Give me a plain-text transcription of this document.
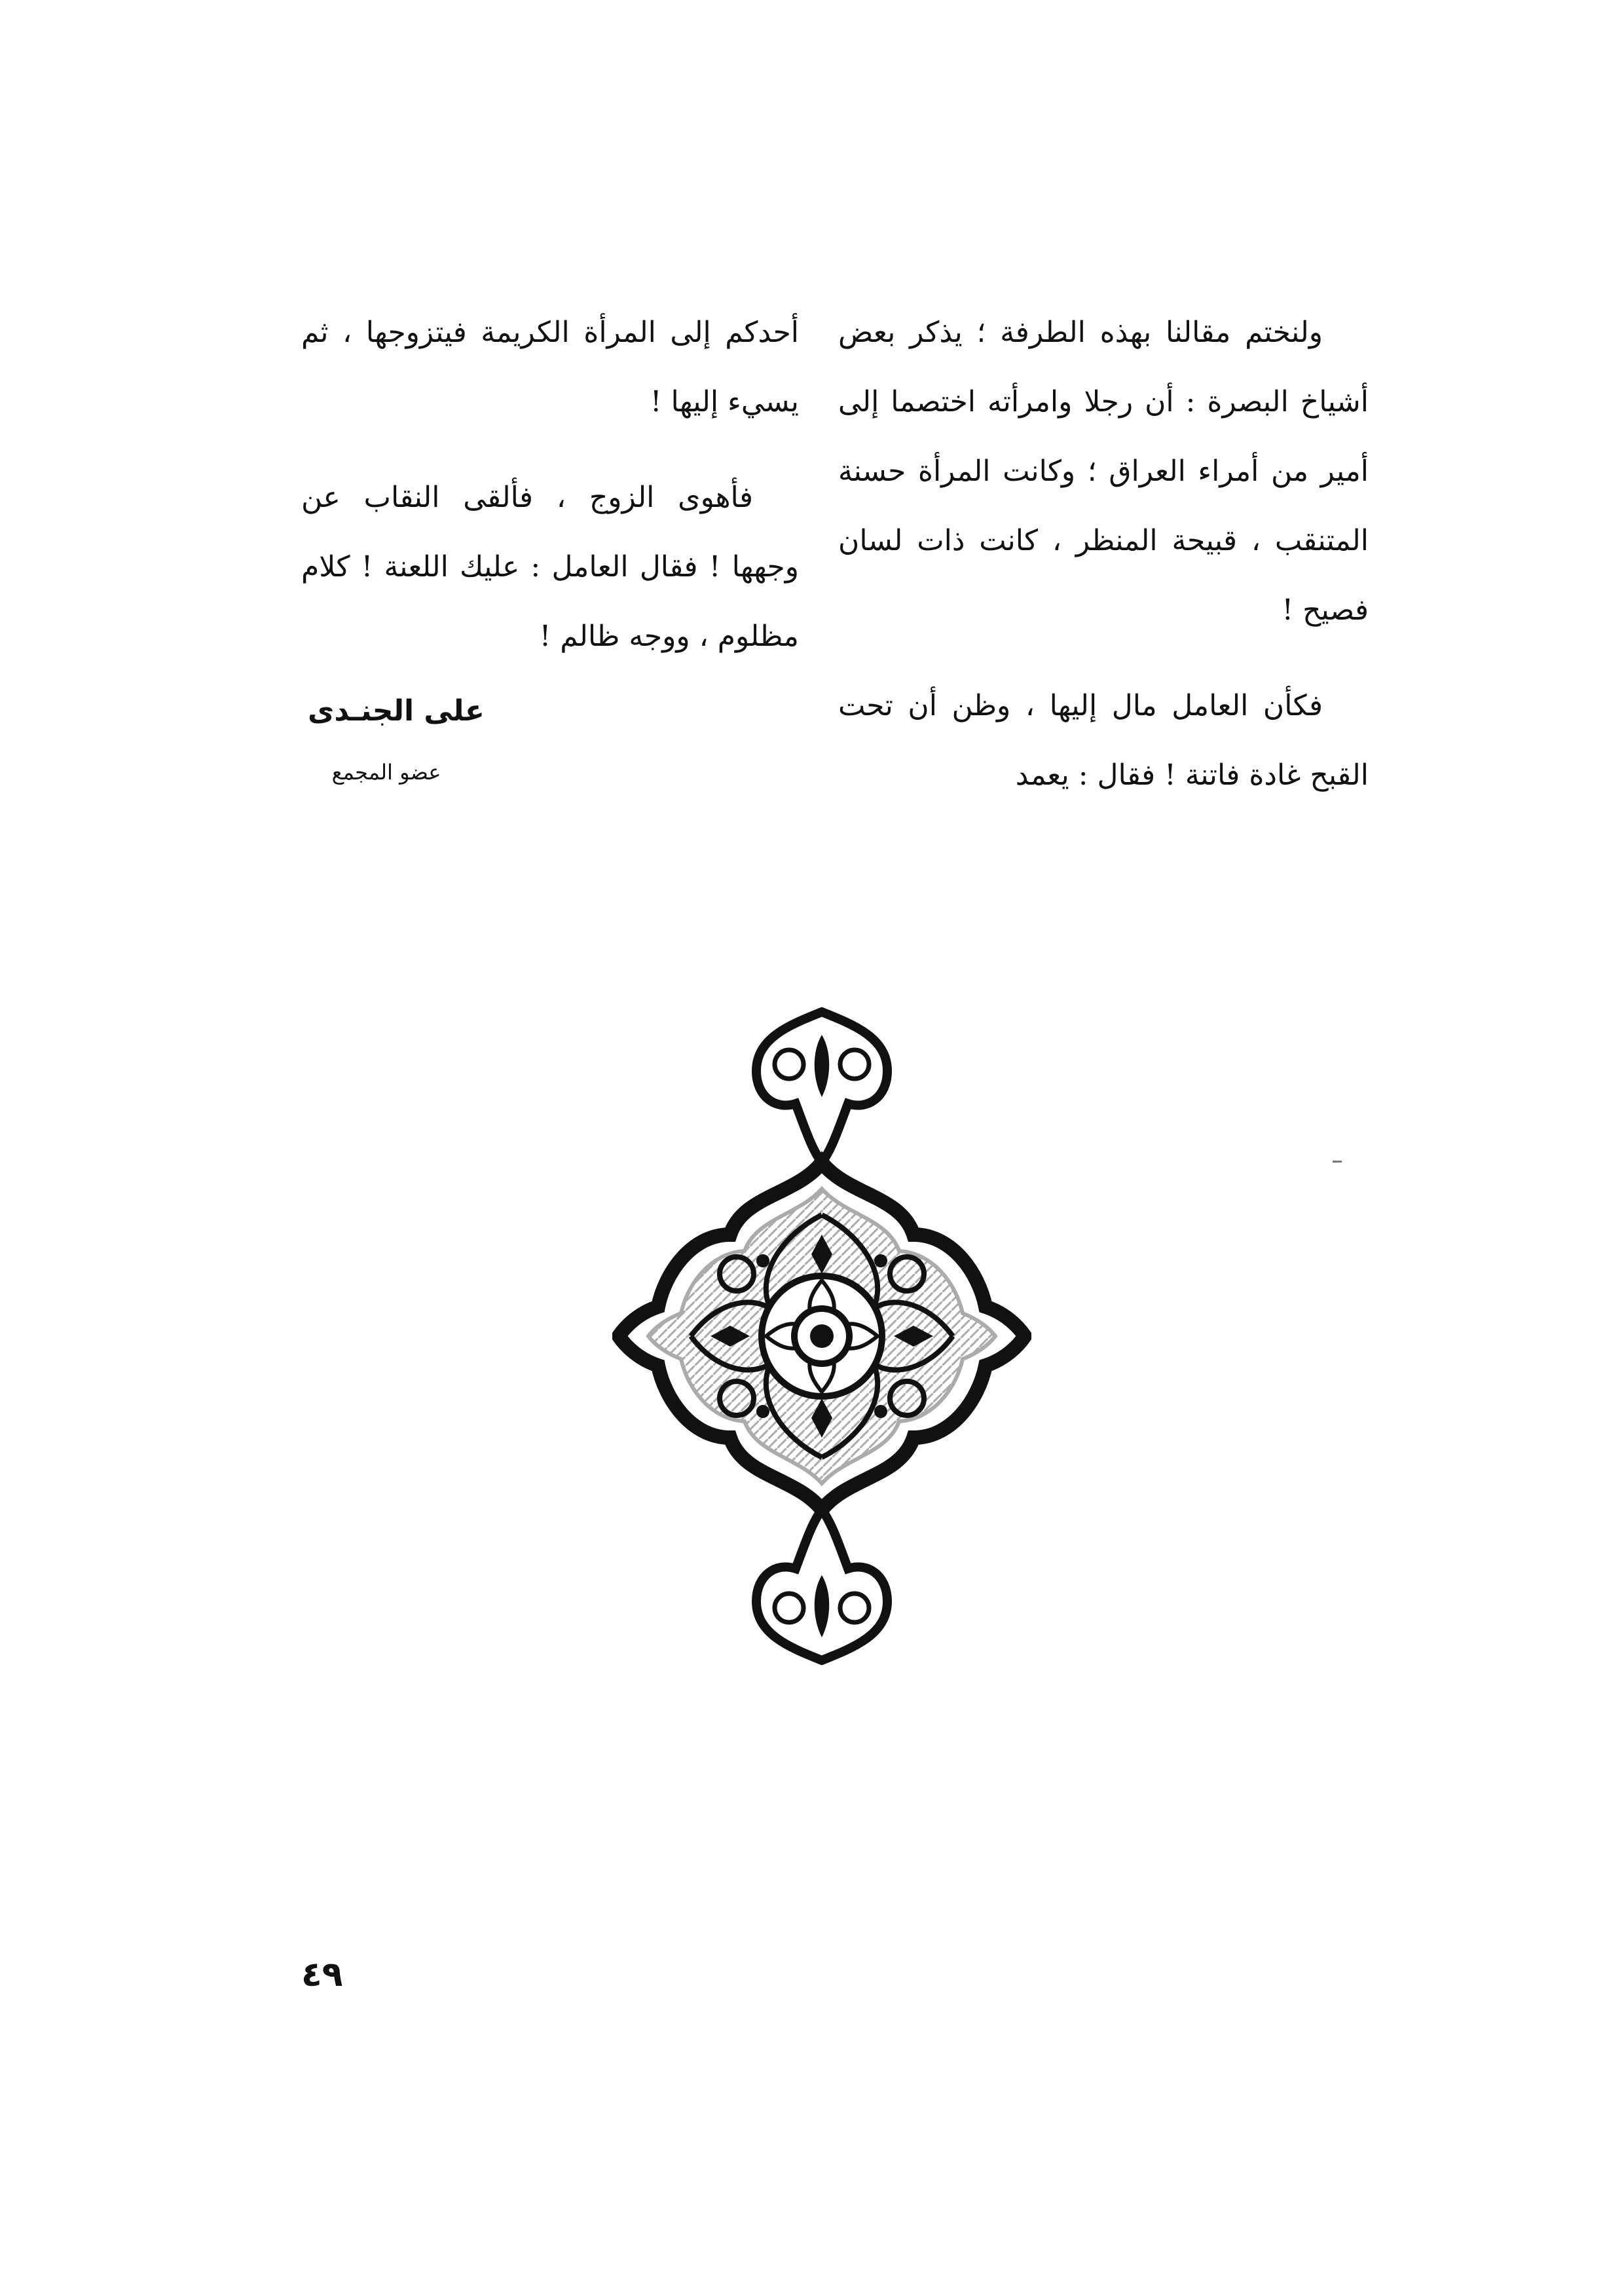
ولنختم مقالنا بهذه الطرفة ؛ يذكر بعض أشياخ البصرة : أن رجلا وامرأته اختصما إلى أمير من أمراء العراق ؛ وكانت المرأة حسنة المتنقب ، قبيحة المنظر ، كانت ذات لسان فصيح !

فكأن العامل مال إليها ، وظن أن تحت القبح غادة فاتنة ! فقال : يعمد

أحدكم إلى المرأة الكريمة فيتزوجها ، ثم يسيء إليها !

فأهوى الزوج ، فألقى النقاب عن وجهها ! فقال العامل : عليك اللعنة ! كلام مظلوم ، ووجه ظالم !

على الجنـدى
عضو المجمع
٤٩
